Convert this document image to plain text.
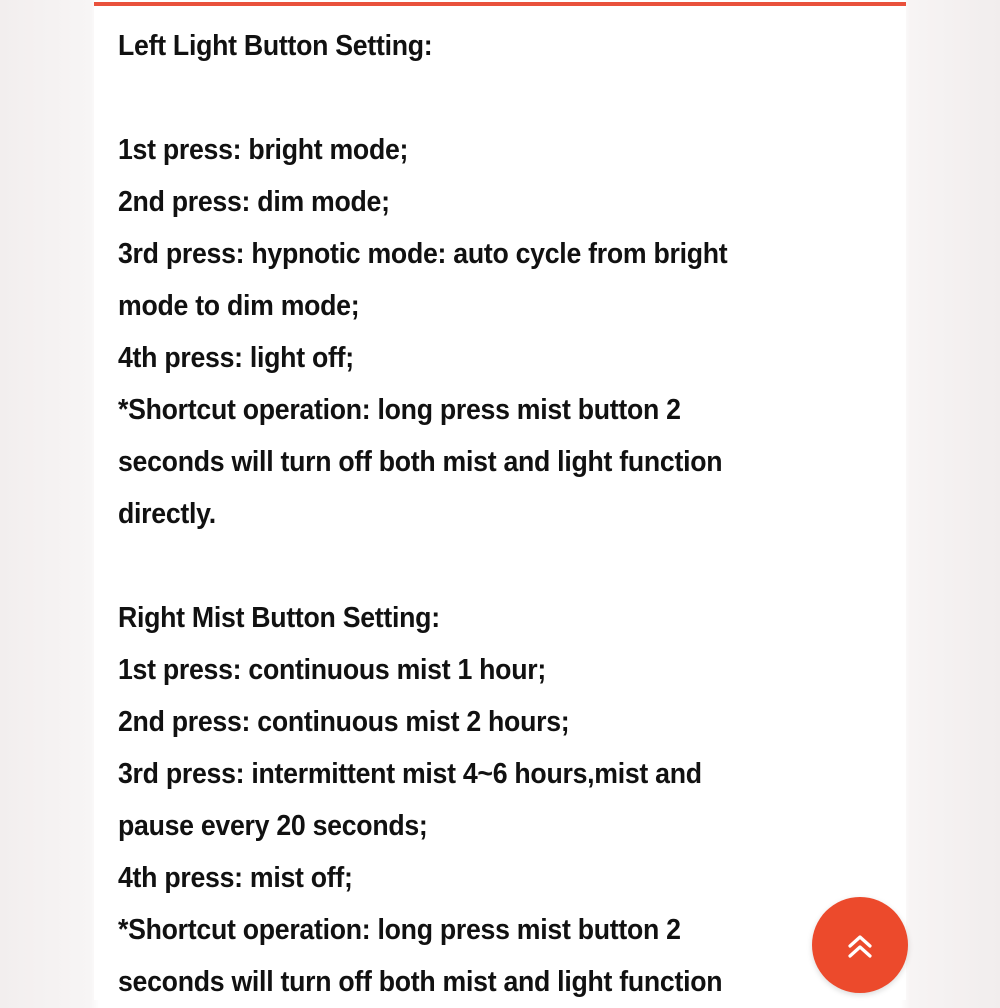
Left Light Button Setting:
1st press: bright mode;
2nd press: dim mode;
3rd press: hypnotic mode: auto cycle from bright
mode to dim mode;
4th press: light off;
*Shortcut operation: long press mist button 2
seconds will turn off both mist and light function
directly.
Right Mist Button Setting:
1st press: continuous mist 1 hour;
2nd press: continuous mist 2 hours;
3rd press: intermittent mist 4~6 hours,mist and
pause every 20 seconds;
4th press: mist off;
*Shortcut operation: long press mist button 2
seconds will turn off both mist and light function
